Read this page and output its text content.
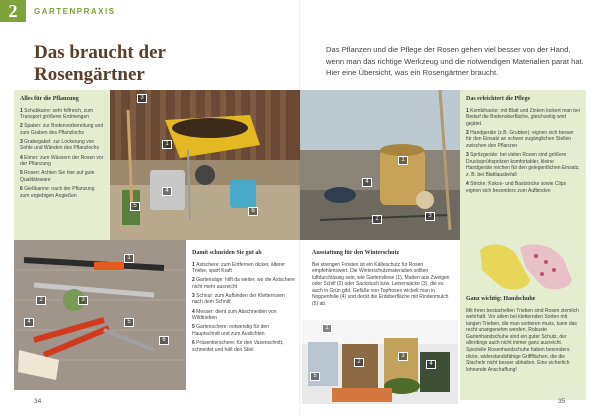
2	GARTENPRAXIS
Das braucht der Rosengärtner
Das Pflanzen und die Pflege der Rosen gehen viel besser von der Hand, wenn man das richtige Werkzeug und die notwendigen Materialien parat hat. Hier eine Übersicht, was ein Rosengärtner braucht.
Alles für die Pflanzung
1 Schubkarre: sehr hilfreich, zum Transport größerer Erdmengen
2 Spaten: zur Bodenvorbereitung und zum Graben des Pflanzlochs
3 Grabegabel: zur Lockerung von Sohle und Wänden des Pflanzlochs
4 Eimer: zum Wässern der Rosen vor der Pflanzung
5 Rosen: Achten Sie hier auf gute Qualitätsware
6 Gießkanne: nach der Pflanzung zum ergiebigen Angießen
3
1
4
5
6
1
4
2	3
Das erleichtert die Pflege
1 Kombihacke: mit Blatt und Zinken lockert man bei Bedarf die Bodenoberfläche, gleichzeitig wird gejätet.
2 Handgeräte (z.B. Grubber): eignen sich besser für den Einsatz an schwer zugänglichen Stellen zwischen den Pflanzen
3 Spritzgeräte: bei vielen Rosen sind größere Drucksprühspritzen komfortabler, kleine Handgeräte reichen für den gelegentlichen Einsatz, z. B. bei Blattlausbefall
4 Stricke: Kokos- und Baststricke sowie Clips eignen sich besonders zum Aufbinden
1
2	3
4	5
6
Damit schneiden Sie gut ab
1 Astschere: zum Entfernen dicker, älterer Triebe, spart Kraft
2 Gartensäge: hilft da weiter, wo die Astschere nicht mehr ausreicht
3 Schnur: zum Aufbinden der Kletterrosen nach dem Schnitt
4 Messer: dient zum Abschneiden von Wildtrieben
5 Gartenschere: notwendig für den Hauptschnitt und zum Auslichten
6 Präsentierschere: für den Vasenschnitt, schneidet und hält den Stiel
Ausstattung für den Winterschutz

Bei strengen Frösten ist ein Kälteschutz für Rosen empfehlenswert. Die Winterschutzmaterialien sollten luftdurchlässig sein, wie Gartenvliese (1), Matten aus Zweigen oder Schilf (2) oder Sackstuch bzw. Leinensäcke (3), die es auch in Grün gibt. Gefäße von Topfrosen wickelt man in Noppenfolie (4) und deckt die Erdoberfläche mit Rindenmulch (5) ab.

1
2
3
4
5
Ganz wichtig: Handschuhe

Mit ihren bestachelten Trieben sind Rosen ziemlich wehrhaft. Vor allem bei kletternden Sorten mit langen Trieben, die man sortieren muss, kann das recht unangenehm werden. Robuste Gartenhandschuhe sind ein guter Schutz, der allerdings auch nicht immer ganz ausreicht. Spezielle Rosenhandschuhe haben besonders dicke, widerstandsfähige Griffflächen, die die Stacheln nicht besser abhalten. Eine sicherlich lohnende Anschaffung!

34	35
